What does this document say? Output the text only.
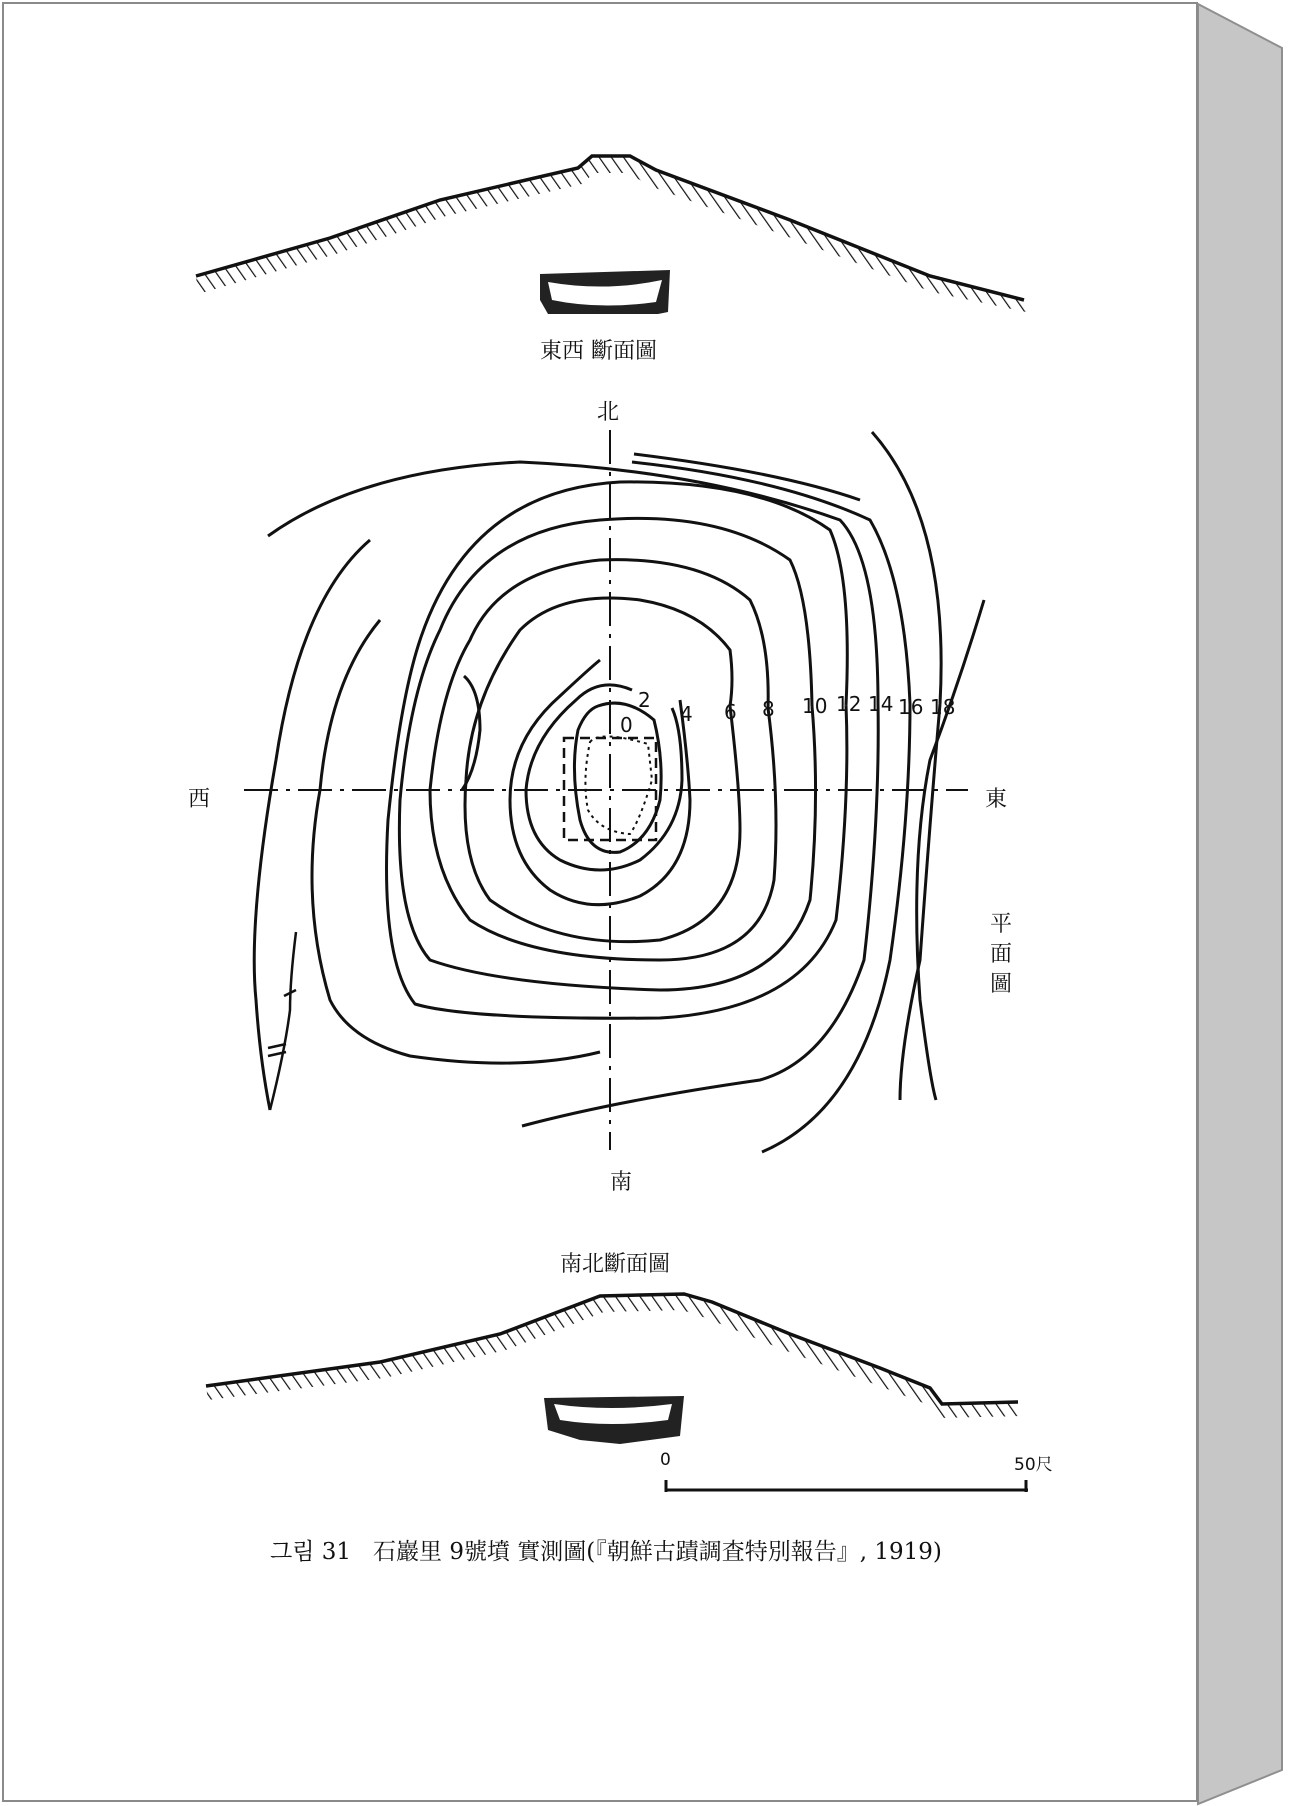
東西 斷面圖
北
西	東
南
平面圖
0
2
4 6 8 10 12 14 16 18
南北斷面圖
0	50尺
그림 31 石巖里 9號墳 實測圖(『朝鮮古蹟調査特別報告』, 1919)
